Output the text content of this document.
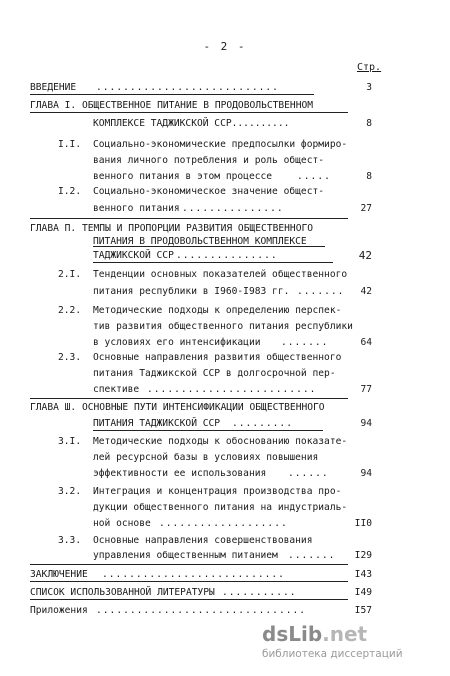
- 2 -
Стр.
ВВЕДЕНИЕ ...........................	3
ГЛАВА I. ОБЩЕСТВЕННОЕ ПИТАНИЕ В ПРОДОВОЛЬСТВЕННОМ
КОМПЛЕКСЕ ТАДЖИКСКОЙ ССР..........	8
I.I. Социально-экономические предпосылки формиро-
вания личного потребления и роль общест-
венного питания в этом процессе	.....	8
I.2. Социально-экономическое значение общест-
венного питания ...............	27
ГЛАВА П. ТЕМПЫ И ПРОПОРЦИИ РАЗВИТИЯ ОБЩЕСТВЕННОГО
ПИТАНИЯ В ПРОДОВОЛЬСТВЕННОМ КОМПЛЕКСЕ
ТАДЖИКСКОЙ ССР ...............	42
2.I. Тенденции основных показателей общественного
питания республики в I960-I983 гг. .......	42
2.2. Методические подходы к определению перспек-
тив развития общественного питания республики
в условиях его интенсификации .......	64
2.3. Основные направления развития общественного
питания Таджикской ССР в долгосрочной пер-
спективе .........................	77
ГЛАВА Ш. ОСНОВНЫЕ ПУТИ ИНТЕНСИФИКАЦИИ ОБЩЕСТВЕННОГО
ПИТАНИЯ ТАДЖИКСКОЙ ССР .........	94
3.I. Методические подходы к обоснованию показате-
лей ресурсной базы в условиях повышения
эффективности ее использования ......	94
3.2. Интеграция и концентрация производства про-
дукции общественного питания на индустриаль-
ной основе ...................	II0
3.3. Основные направления совершенствования
управления общественным питанием .......	I29
ЗАКЛЮЧЕНИЕ ...........................	I43
СПИСОК ИСПОЛЬЗОВАННОЙ ЛИТЕРАТУРЫ ...........	I49
Приложения ...............................	I57
dsLib.net
библиотека диссертаций
